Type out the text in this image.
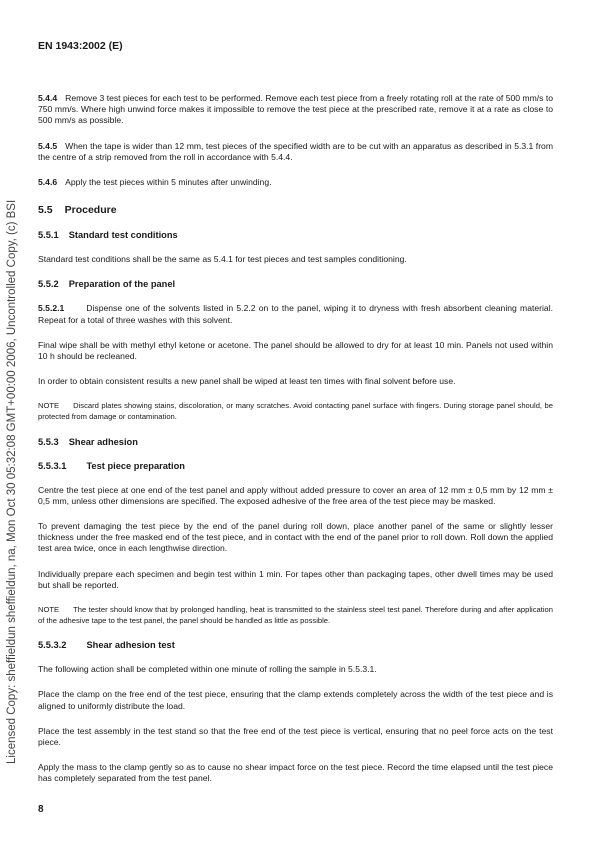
EN 1943:2002 (E)
Licensed Copy: sheffieldun sheffieldun, na, Mon Oct 30 05:32:08 GMT+00:00 2006, Uncontrolled Copy, (c) BSI

5.4.4 Remove 3 test pieces for each test to be performed. Remove each test piece from a freely rotating roll at the rate of 500 mm/s to 750 mm/s. Where high unwind force makes it impossible to remove the test piece at the prescribed rate, remove it at a rate as close to 500 mm/s as possible.

5.4.5 When the tape is wider than 12 mm, test pieces of the specified width are to be cut with an apparatus as described in 5.3.1 from the centre of a strip removed from the roll in accordance with 5.4.4.

5.4.6 Apply the test pieces within 5 minutes after unwinding.

5.5 Procedure

5.5.1 Standard test conditions

Standard test conditions shall be the same as 5.4.1 for test pieces and test samples conditioning.

5.5.2 Preparation of the panel

5.5.2.1	Dispense one of the solvents listed in 5.2.2 on to the panel, wiping it to dryness with fresh absorbent cleaning material. Repeat for a total of three washes with this solvent.

Final wipe shall be with methyl ethyl ketone or acetone. The panel should be allowed to dry for at least 10 min. Panels not used within 10 h should be recleaned.

In order to obtain consistent results a new panel shall be wiped at least ten times with final solvent before use.

NOTE Discard plates showing stains, discoloration, or many scratches. Avoid contacting panel surface with fingers. During storage panel should, be protected from damage or contamination.

5.5.3 Shear adhesion

5.5.3.1 Test piece preparation

Centre the test piece at one end of the test panel and apply without added pressure to cover an area of 12 mm ± 0,5 mm by 12 mm ± 0,5 mm, unless other dimensions are specified. The exposed adhesive of the free area of the test piece may be masked.

To prevent damaging the test piece by the end of the panel during roll down, place another panel of the same or slightly lesser thickness under the free masked end of the test piece, and in contact with the end of the panel prior to roll down. Roll down the applied test area twice, once in each lengthwise direction.

Individually prepare each specimen and begin test within 1 min. For tapes other than packaging tapes, other dwell times may be used but shall be reported.

NOTE The tester should know that by prolonged handling, heat is transmitted to the stainless steel test panel. Therefore during and after application of the adhesive tape to the test panel, the panel should be handled as little as possible.

5.5.3.2 Shear adhesion test

The following action shall be completed within one minute of rolling the sample in 5.5.3.1.

Place the clamp on the free end of the test piece, ensuring that the clamp extends completely across the width of the test piece and is aligned to uniformly distribute the load.

Place the test assembly in the test stand so that the free end of the test piece is vertical, ensuring that no peel force acts on the test piece.

Apply the mass to the clamp gently so as to cause no shear impact force on the test piece. Record the time elapsed until the test piece has completely separated from the test panel.

8
